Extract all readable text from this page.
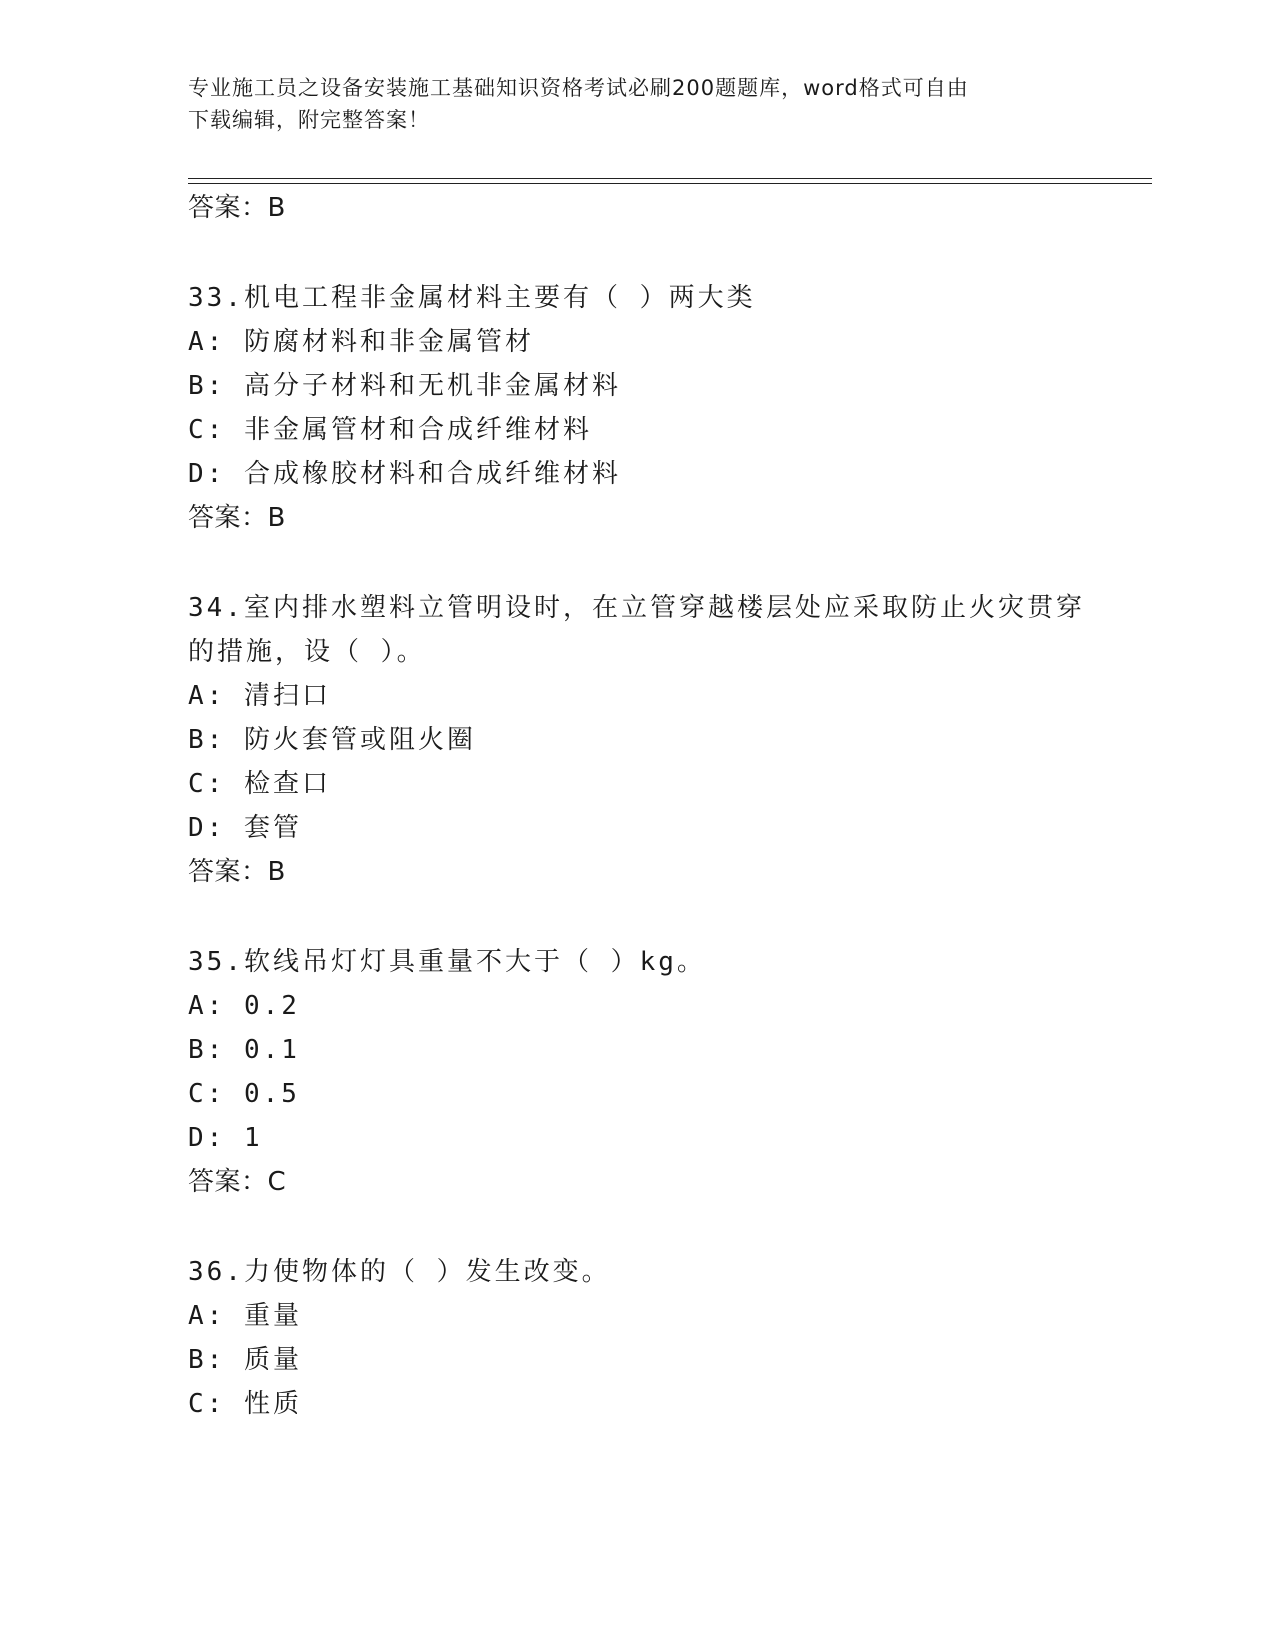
专业施工员之设备安装施工基础知识资格考试必刷200题题库，word格式可自由
下载编辑，附完整答案！
答案：B
33.机电工程非金属材料主要有（ ）两大类
A: 防腐材料和非金属管材
B: 高分子材料和无机非金属材料
C: 非金属管材和合成纤维材料
D: 合成橡胶材料和合成纤维材料
答案：B
34.室内排水塑料立管明设时，在立管穿越楼层处应采取防止火灾贯穿
的措施，设（ ）。
A: 清扫口
B: 防火套管或阻火圈
C: 检查口
D: 套管
答案：B
35.软线吊灯灯具重量不大于（ ）kg。
A: 0.2
B: 0.1
C: 0.5
D: 1
答案：C
36.力使物体的（ ）发生改变。
A: 重量
B: 质量
C: 性质
